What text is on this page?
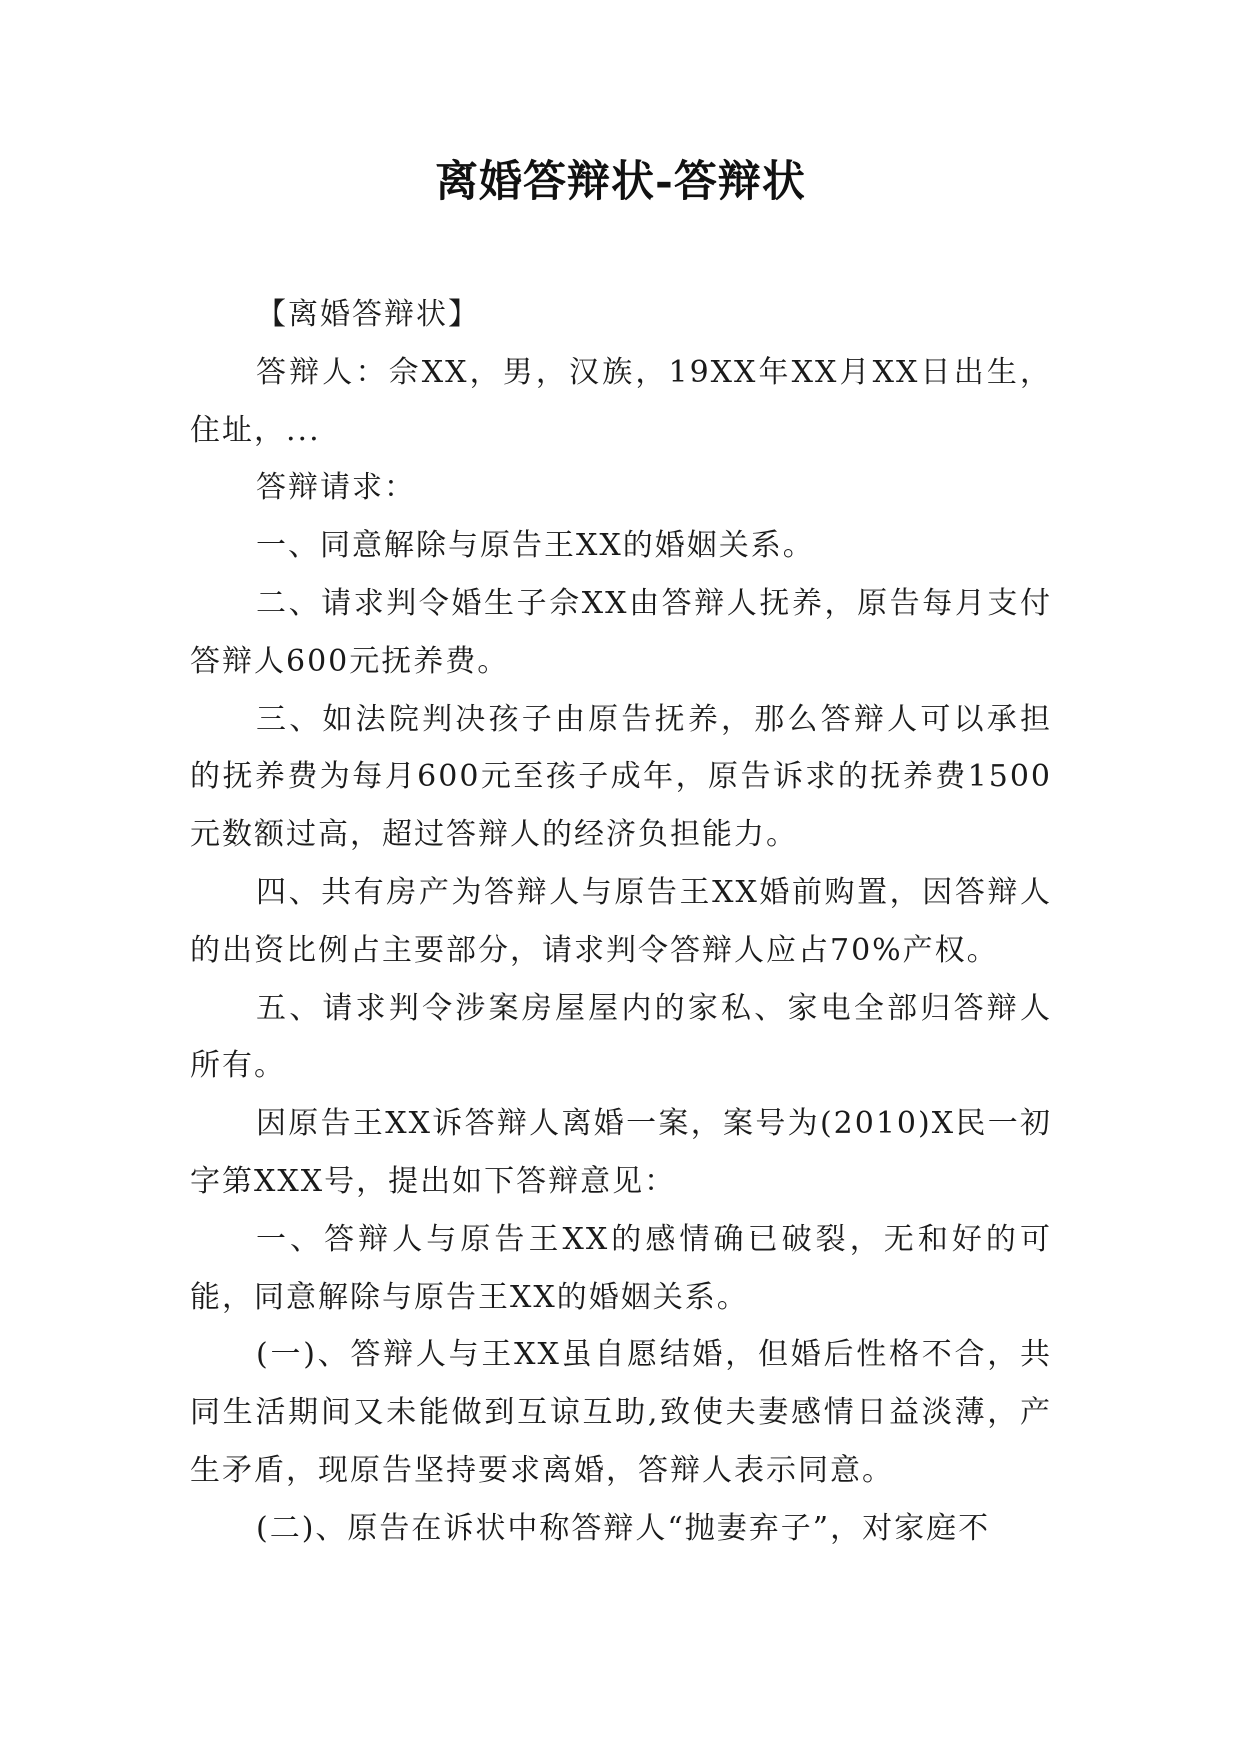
离婚答辩状-答辩状

【离婚答辩状】

答辩人：佘XX，男，汉族，19XX年XX月XX日出生，住址，...

答辩请求：

一、同意解除与原告王XX的婚姻关系。

二、请求判令婚生子佘XX由答辩人抚养，原告每月支付答辩人600元抚养费。

三、如法院判决孩子由原告抚养，那么答辩人可以承担的抚养费为每月600元至孩子成年，原告诉求的抚养费1500元数额过高，超过答辩人的经济负担能力。

四、共有房产为答辩人与原告王XX婚前购置，因答辩人的出资比例占主要部分，请求判令答辩人应占70%产权。

五、请求判令涉案房屋屋内的家私、家电全部归答辩人所有。

因原告王XX诉答辩人离婚一案，案号为(2010)X民一初字第XXX号，提出如下答辩意见：

一、答辩人与原告王XX的感情确已破裂，无和好的可能，同意解除与原告王XX的婚姻关系。

(一)、答辩人与王XX虽自愿结婚，但婚后性格不合，共同生活期间又未能做到互谅互助,致使夫妻感情日益淡薄，产生矛盾，现原告坚持要求离婚，答辩人表示同意。

(二)、原告在诉状中称答辩人“抛妻弃子”，对家庭不
